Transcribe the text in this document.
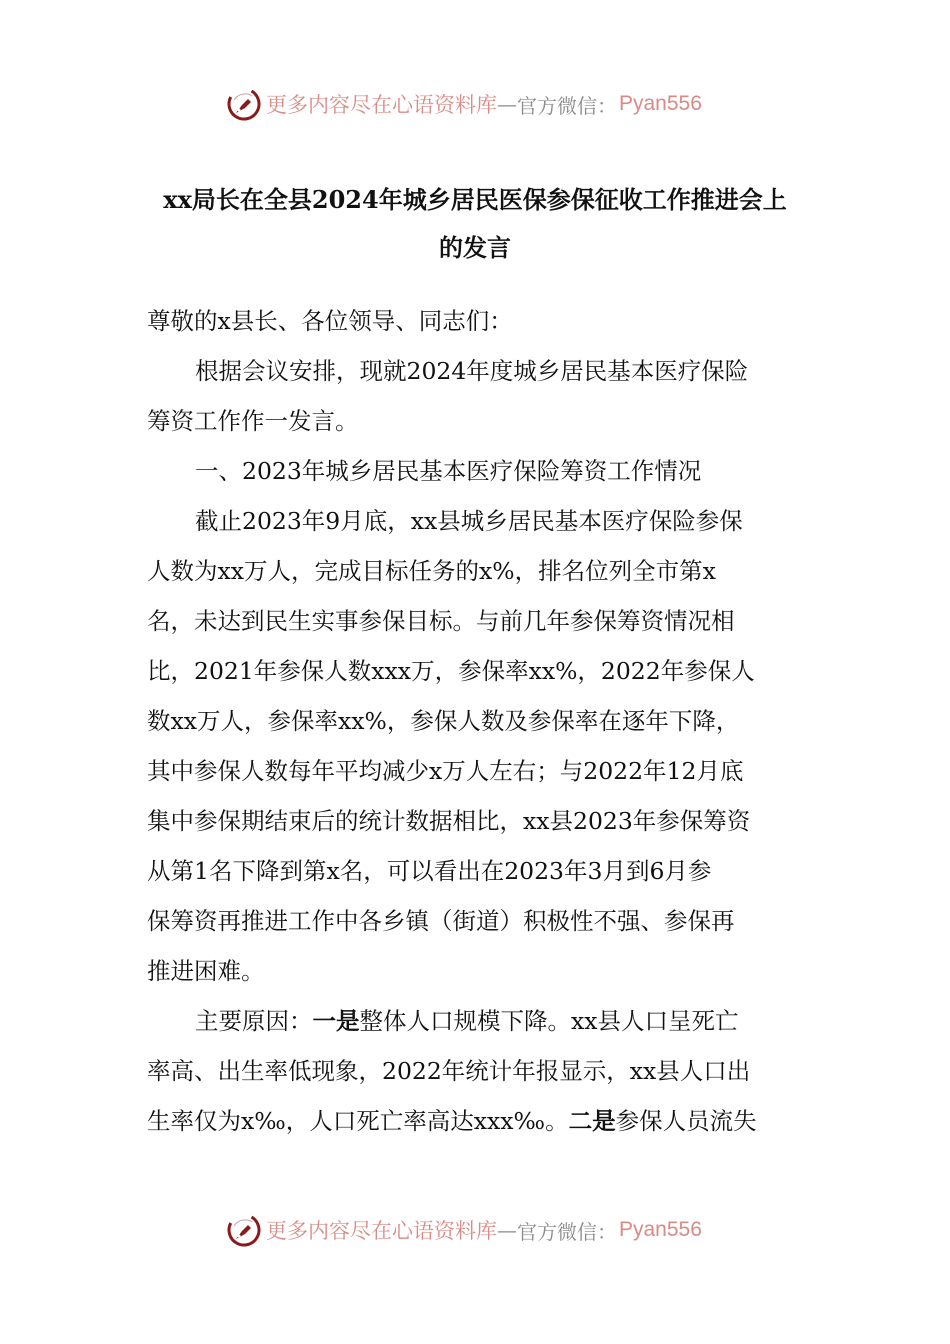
更多内容尽在心语资料库 — 官方微信： Pyan556
xx局长在全县2024年城乡居民医保参保征收工作推进会上
的发言

尊敬的x县长、各位领导、同志们：

根据会议安排，现就2024年度城乡居民基本医疗保险
筹资工作作一发言。

一、2023年城乡居民基本医疗保险筹资工作情况

截止2023年9月底，xx县城乡居民基本医疗保险参保
人数为xx万人，完成目标任务的x%，排名位列全市第x
名，未达到民生实事参保目标。与前几年参保筹资情况相
比，2021年参保人数xxx万，参保率xx%，2022年参保人
数xx万人，参保率xx%，参保人数及参保率在逐年下降，
其中参保人数每年平均减少x万人左右；与2022年12月底
集中参保期结束后的统计数据相比，xx县2023年参保筹资
从第1名下降到第x名，可以看出在2023年3月到6月参
保筹资再推进工作中各乡镇（街道）积极性不强、参保再
推进困难。

主要原因：一是整体人口规模下降。xx县人口呈死亡
率高、出生率低现象，2022年统计年报显示，xx县人口出
生率仅为x‰，人口死亡率高达xxx‰。二是参保人员流失

更多内容尽在心语资料库 — 官方微信： Pyan556
